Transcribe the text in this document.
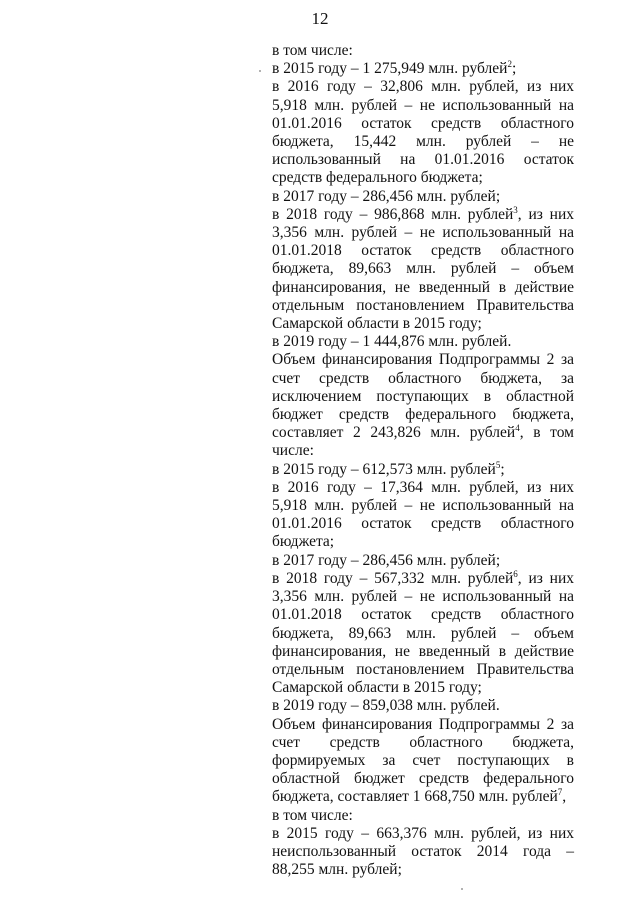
12

в том числе:

в 2015 году – 1 275,949 млн. рублей$^2$;

в 2016 году – 32,806 млн. рублей, из них 5,918 млн. рублей – не использованный на 01.01.2016 остаток средств областного бюджета, 15,442 млн. рублей – не использованный на 01.01.2016 остаток средств федерального бюджета;

в 2017 году – 286,456 млн. рублей;

в 2018 году – 986,868 млн. рублей$^3$, из них 3,356 млн. рублей – не использованный на 01.01.2018 остаток средств областного бюджета, 89,663 млн. рублей – объем финансирования, не введенный в действие отдельным постановлением Правительства Самарской области в 2015 году;

в 2019 году – 1 444,876 млн. рублей.

Объем финансирования Подпрограммы 2 за счет средств областного бюджета, за исключением поступающих в областной бюджет средств федерального бюджета, составляет 2 243,826 млн. рублей$^4$, в том числе:

в 2015 году – 612,573 млн. рублей$^5$;

в 2016 году – 17,364 млн. рублей, из них 5,918 млн. рублей – не использованный на 01.01.2016 остаток средств областного бюджета;

в 2017 году – 286,456 млн. рублей;

в 2018 году – 567,332 млн. рублей$^6$, из них 3,356 млн. рублей – не использованный на 01.01.2018 остаток средств областного бюджета, 89,663 млн. рублей – объем финансирования, не введенный в действие отдельным постановлением Правительства Самарской области в 2015 году;

в 2019 году – 859,038 млн. рублей.

Объем финансирования Подпрограммы 2 за счет средств областного бюджета, формируемых за счет поступающих в областной бюджет средств федерального бюджета, составляет 1 668,750 млн. рублей$^7$,

в том числе:

в 2015 году – 663,376 млн. рублей, из них неиспользованный остаток 2014 года – 88,255 млн. рублей;
